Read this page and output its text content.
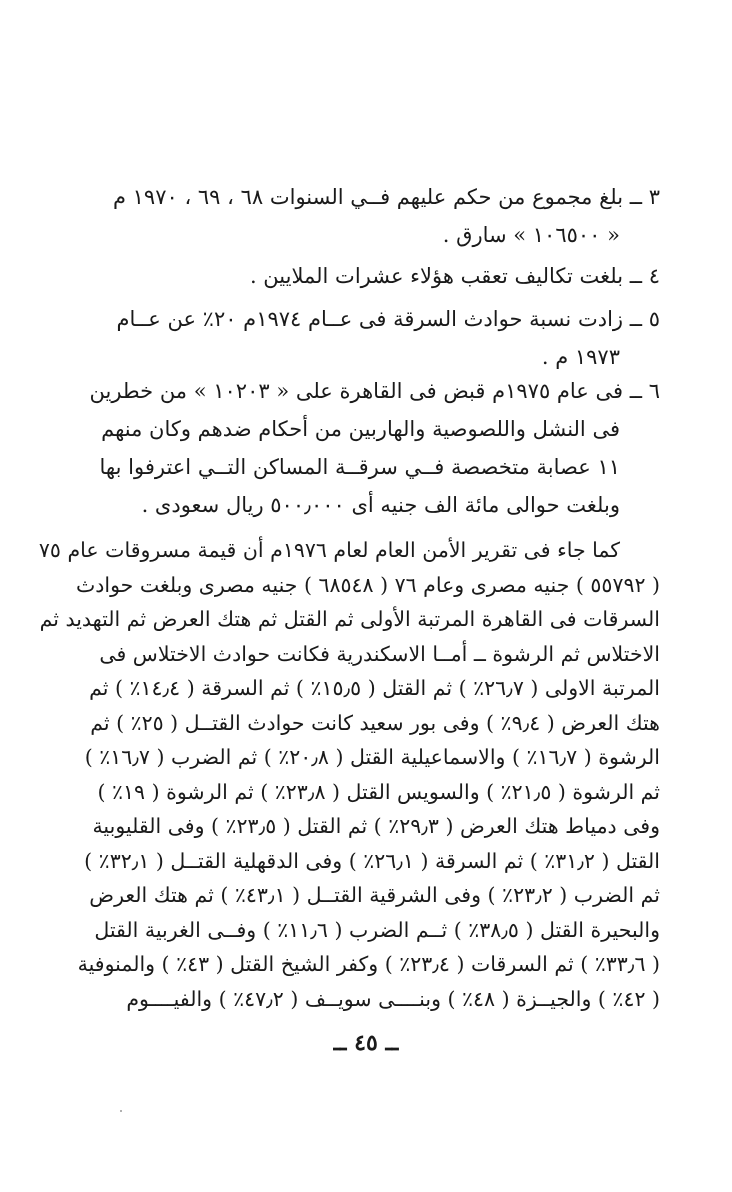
٣ ــ بلغ مجموع من حكم عليهم فــي السنوات ٦٨ ، ٦٩ ، ١٩٧٠ م
« ١٠٦٥٠٠ » سارق .
٤ ــ بلغت تكاليف تعقب هؤلاء عشرات الملايين .
٥ ــ زادت نسبة حوادث السرقة فى عــام ١٩٧٤م ٢٠٪ عن عــام
١٩٧٣ م .
٦ ــ فى عام ١٩٧٥م قبض فى القاهرة على « ١٠٢٠٣ » من خطرين
فى النشل واللصوصية والهاربين من أحكام ضدهم وكان منهم
١١ عصابة متخصصة فــي سرقــة المساكن التــي اعترفوا بها
وبلغت حوالى مائة الف جنيه أى ٥٠٠٫٠٠٠ ريال سعودى .
كما جاء فى تقرير الأمن العام لعام ١٩٧٦م أن قيمة مسروقات عام ٧٥
( ٥٥٧٩٢ ) جنيه مصرى وعام ٧٦ ( ٦٨٥٤٨ ) جنيه مصرى وبلغت حوادث
السرقات فى القاهرة المرتبة الأولى ثم القتل ثم هتك العرض ثم التهديد ثم
الاختلاس ثم الرشوة ــ أمــا الاسكندرية فكانت حوادث الاختلاس فى
المرتبة الاولى ( ٢٦٫٧٪ ) ثم القتل ( ١٥٫٥٪ ) ثم السرقة ( ١٤٫٤٪ ) ثم
هتك العرض ( ٩٫٤٪ ) وفى بور سعيد كانت حوادث القتــل ( ٢٥٪ ) ثم
الرشوة ( ١٦٫٧٪ ) والاسماعيلية القتل ( ٢٠٫٨٪ ) ثم الضرب ( ١٦٫٧٪ )
ثم الرشوة ( ٢١٫٥٪ ) والسويس القتل ( ٢٣٫٨٪ ) ثم الرشوة ( ١٩٪ )
وفى دمياط هتك العرض ( ٢٩٫٣٪ ) ثم القتل ( ٢٣٫٥٪ ) وفى القليوبية
القتل ( ٣١٫٢٪ ) ثم السرقة ( ٢٦٫١٪ ) وفى الدقهلية القتــل ( ٣٢٫١٪ )
ثم الضرب ( ٢٣٫٢٪ ) وفى الشرقية القتــل ( ٤٣٫١٪ ) ثم هتك العرض
والبحيرة القتل ( ٣٨٫٥٪ ) ثــم الضرب ( ١١٫٦٪ ) وفــى الغربية القتل
( ٣٣٫٦٪ ) ثم السرقات ( ٢٣٫٤٪ ) وكفر الشيخ القتل ( ٤٣٪ ) والمنوفية
( ٤٢٪ ) والجيــزة ( ٤٨٪ ) وبنــــى سويــف ( ٤٧٫٢٪ ) والفيــــوم
ــ ٤٥ ــ
